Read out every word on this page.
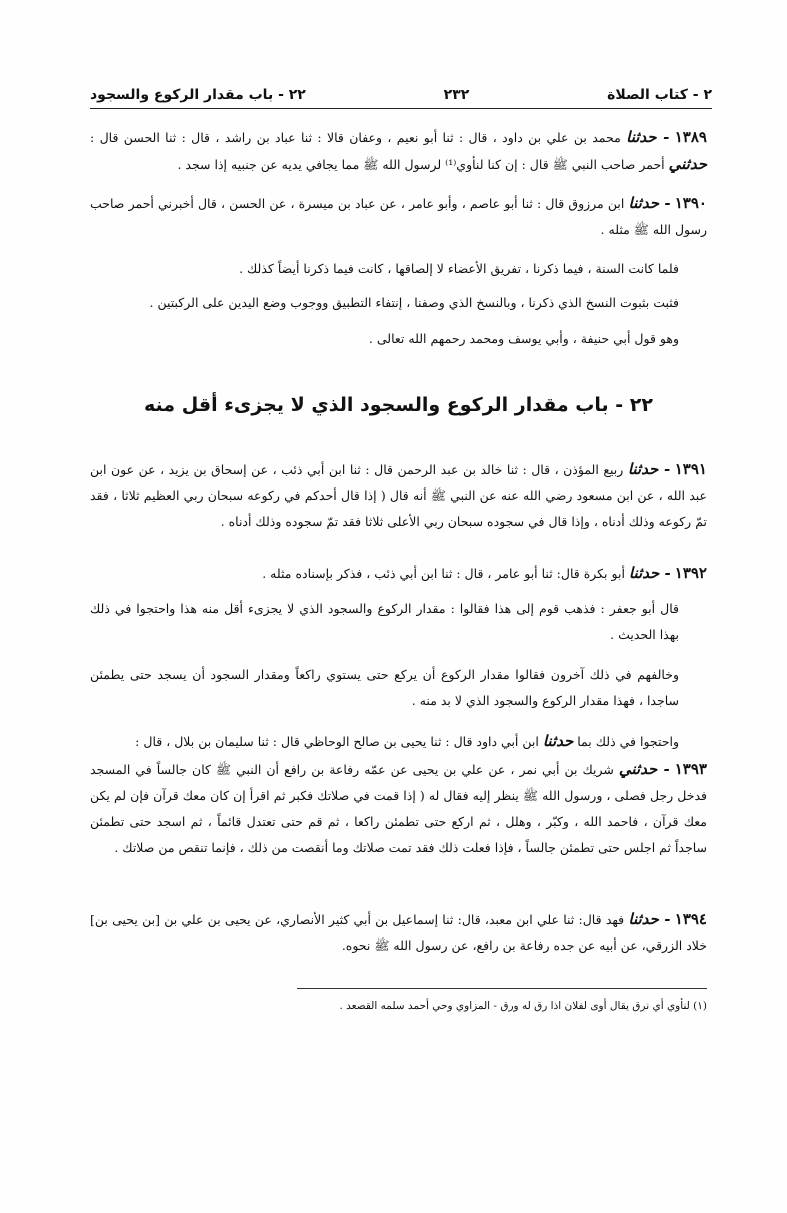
٢ - كتاب الصلاة
٢٣٢
٢٢ - باب مقدار الركوع والسجود
١٣٨٩ - حدثنا محمد بن علي بن داود ، قال : ثنا أبو نعيم ، وعفان قالا : ثنا عباد بن راشد ، قال : ثنا الحسن قال : حدثني أحمر صاحب النبي ﷺ قال : إن كنا لنأوي⁽¹⁾ لرسول الله ﷺ مما يجافي يديه عن جنبيه إذا سجد .
١٣٩٠ - حدثنا ابن مرزوق قال : ثنا أبو عاصم ، وأبو عامر ، عن عباد بن ميسرة ، عن الحسن ، قال أخبرني أحمر صاحب رسول الله ﷺ مثله .
فلما كانت السنة ، فيما ذكرنا ، تفريق الأعضاء لا إلصاقها ، كانت فيما ذكرنا أيضاً كذلك .
فثبت بثبوت النسخ الذي ذكرنا ، وبالنسخ الذي وصفنا ، إنتفاء التطبيق ووجوب وضع اليدين على الركبتين .
وهو قول أبي حنيفة ، وأبي يوسف ومحمد رحمهم الله تعالى .
٢٢ - باب مقدار الركوع والسجود الذي لا يجزىء أقل منه
١٣٩١ - حدثنا ربيع المؤذن ، قال : ثنا خالد بن عبد الرحمن قال : ثنا ابن أبي ذئب ، عن إسحاق بن يزيد ، عن عون ابن عبد الله ، عن ابن مسعود رضي الله عنه عن النبي ﷺ أنه قال ( إذا قال أحدكم في ركوعه سبحان ربي العظيم ثلاثا ، فقد تمّ ركوعه وذلك أدناه ، وإذا قال في سجوده سبحان ربي الأعلى ثلاثا فقد تمّ سجوده وذلك أدناه .
١٣٩٢ - حدثنا أبو بكرة قال: ثنا أبو عامر ، قال : ثنا ابن أبي ذئب ، فذكر بإسناده مثله .
قال أبو جعفر : فذهب قوم إلى هذا فقالوا : مقدار الركوع والسجود الذي لا يجزىء أقل منه هذا واحتجوا في ذلك بهذا الحديث .
وخالفهم في ذلك آخرون فقالوا مقدار الركوع أن يركع حتى يستوي راكعاً ومقدار السجود أن يسجد حتى يطمئن ساجدا ، فهذا مقدار الركوع والسجود الذي لا بد منه .
واحتجوا في ذلك بما حدثنا ابن أبي داود قال : ثنا يحيى بن صالح الوحاظي قال : ثنا سليمان بن بلال ، قال :
١٣٩٣ - حدثني شريك بن أبي نمر ، عن علي بن يحيى عن عمّه رفاعة بن رافع أن النبي ﷺ كان جالساً في المسجد فدخل رجل فصلى ، ورسول الله ﷺ ينظر إليه فقال له ( إذا قمت في صلاتك فكبر ثم اقرأ إن كان معك قرآن فإن لم يكن معك قرآن ، فاحمد الله ، وكبّر ، وهلل ، ثم اركع حتى تطمئن راكعا ، ثم قم حتى تعتدل قائماً ، ثم اسجد حتى تطمئن ساجداً ثم اجلس حتى تطمئن جالساً ، فإذا فعلت ذلك فقد تمت صلاتك وما أنقصت من ذلك ، فإنما تنقص من صلاتك .
١٣٩٤ - حدثنا فهد قال: ثنا علي ابن معبد، قال: ثنا إسماعيل بن أبي كثير الأنصاري، عن يحيى بن علي بن [بن يحيى بن] خلاد الزرقي، عن أبيه عن جده رفاعة بن رافع، عن رسول الله ﷺ نحوه.
(١) لنأوي أي نرق يقال أوى لفلان اذا رق له ورق - المزاوي وحي أحمد سلمه القصعد .
